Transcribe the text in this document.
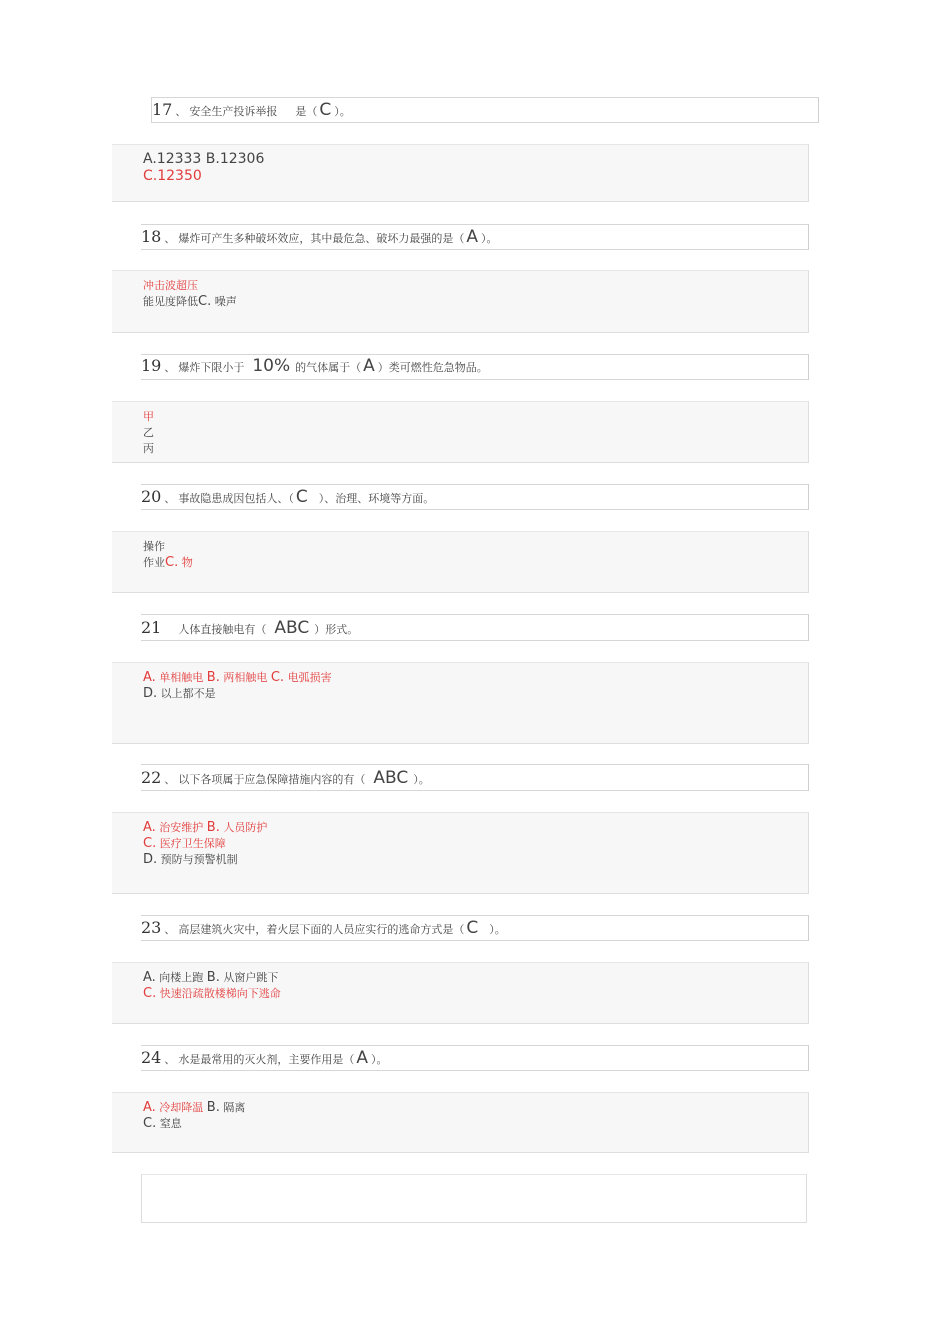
17 、 安全生产投诉举报 是（ C ）。
A.12333 B.12306
C.12350
18 、 爆炸可产生多种破坏效应，其中最危急、破坏力最强的是（ A ）。
冲击波超压
能见度降低C. 噪声
19 、 爆炸下限小于 10% 的气体属于（ A ）类可燃性危急物品。
甲
乙
丙
20 、 事故隐患成因包括人、（ C ）、治理、环境等方面。
操作
作业C. 物
21 人体直接触电有（ ABC ）形式。
A. 单相触电 B. 两相触电 C. 电弧损害
D. 以上都不是
22 、 以下各项属于应急保障措施内容的有（ ABC ）。
A. 治安维护 B. 人员防护
C. 医疗卫生保障
D. 预防与预警机制
23 、 高层建筑火灾中，着火层下面的人员应实行的逃命方式是（ C ）。
A. 向楼上跑 B. 从窗户跳下
C. 快速沿疏散楼梯向下逃命
24 、 水是最常用的灭火剂，主要作用是（ A ）。
A. 冷却降温 B. 隔离
C. 窒息
